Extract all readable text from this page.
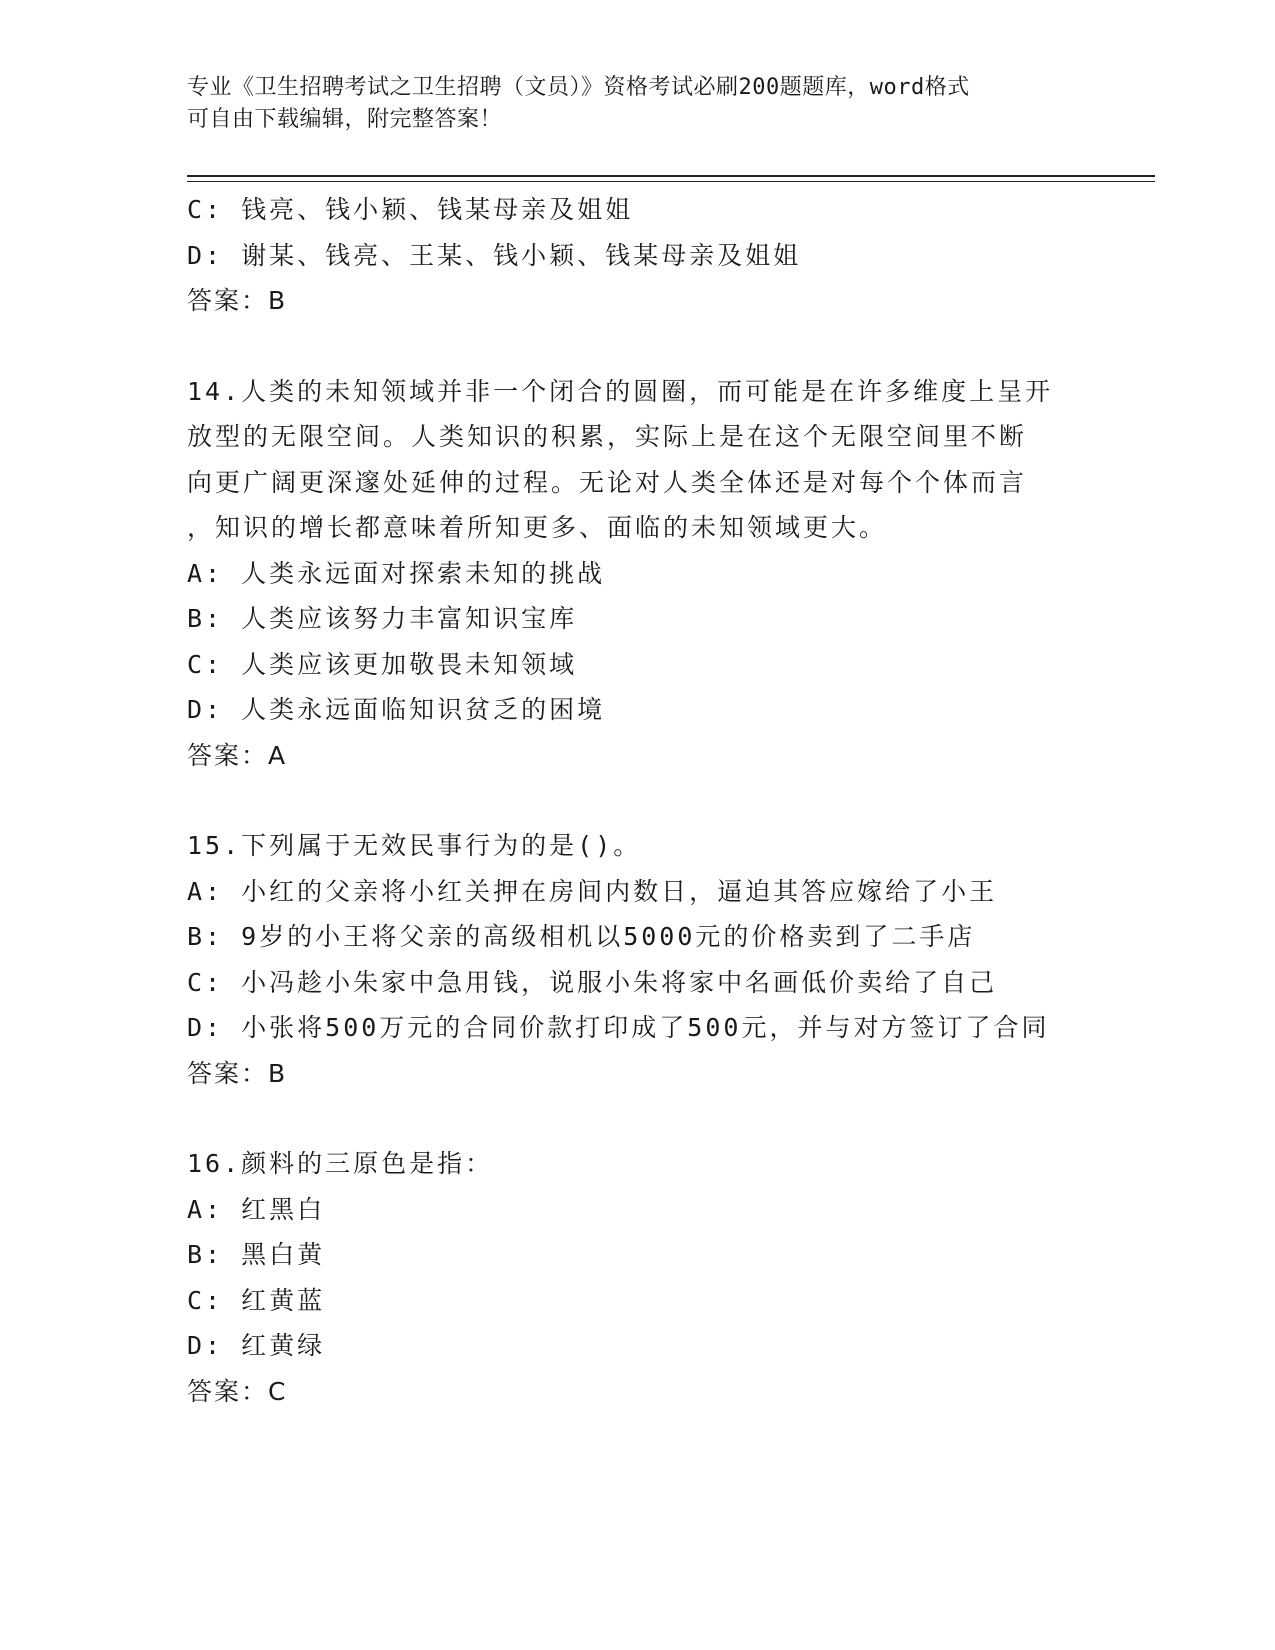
专业《卫生招聘考试之卫生招聘（文员）》资格考试必刷200题题库，word格式
可自由下载编辑，附完整答案！
C: 钱亮、钱小颖、钱某母亲及姐姐
D: 谢某、钱亮、王某、钱小颖、钱某母亲及姐姐
答案：B
14.人类的未知领域并非一个闭合的圆圈，而可能是在许多维度上呈开
放型的无限空间。人类知识的积累，实际上是在这个无限空间里不断
向更广阔更深邃处延伸的过程。无论对人类全体还是对每个个体而言
，知识的增长都意味着所知更多、面临的未知领域更大。
A: 人类永远面对探索未知的挑战
B: 人类应该努力丰富知识宝库
C: 人类应该更加敬畏未知领域
D: 人类永远面临知识贫乏的困境
答案：A
15.下列属于无效民事行为的是()。
A: 小红的父亲将小红关押在房间内数日，逼迫其答应嫁给了小王
B: 9岁的小王将父亲的高级相机以5000元的价格卖到了二手店
C: 小冯趁小朱家中急用钱，说服小朱将家中名画低价卖给了自己
D: 小张将500万元的合同价款打印成了500元，并与对方签订了合同
答案：B
16.颜料的三原色是指：
A: 红黑白
B: 黑白黄
C: 红黄蓝
D: 红黄绿
答案：C
